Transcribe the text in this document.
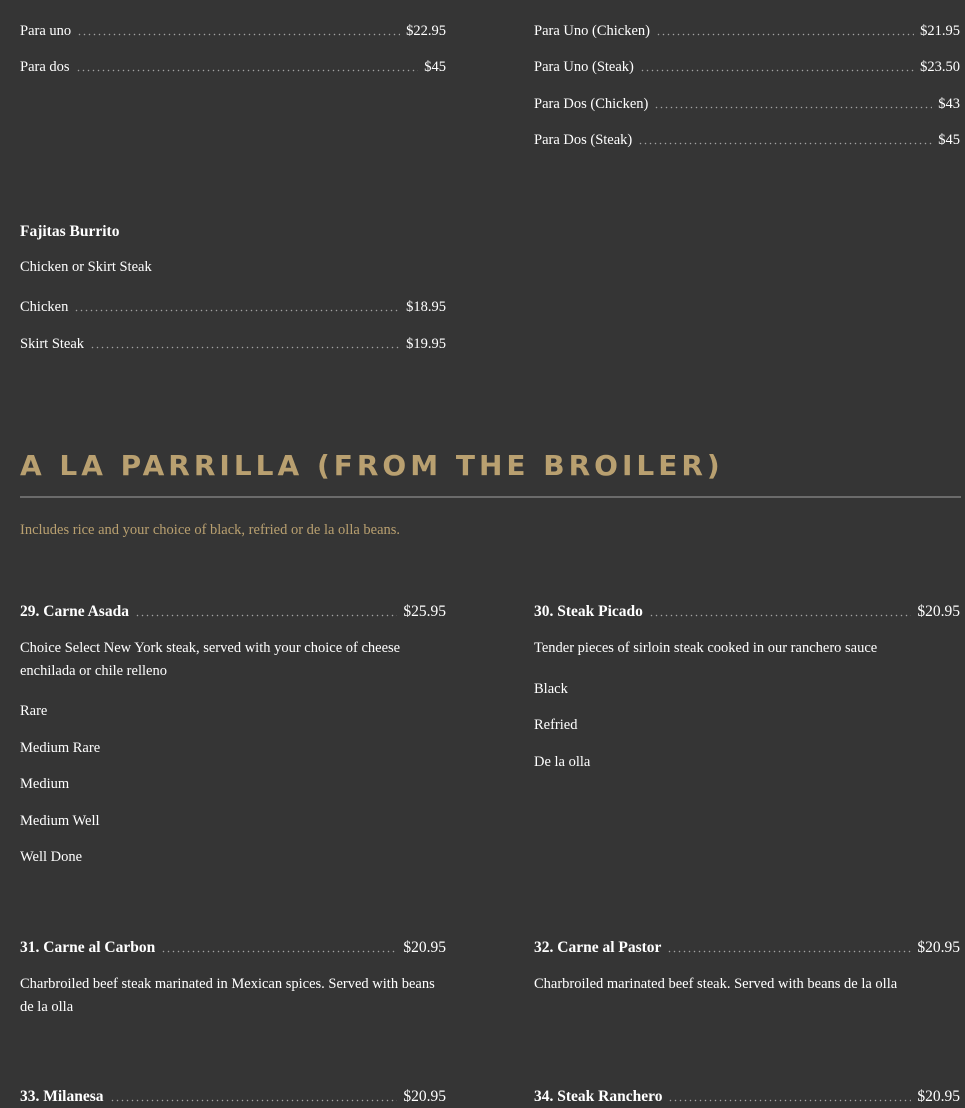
Para uno	$22.95
Para dos	$45
Para Uno (Chicken)	$21.95
Para Uno (Steak)	$23.50
Para Dos (Chicken)	$43
Para Dos (Steak)	$45
Fajitas Burrito
Chicken or Skirt Steak
Chicken	$18.95
Skirt Steak	$19.95
A LA PARRILLA (FROM THE BROILER)
Includes rice and your choice of black, refried or de la olla beans.
29. Carne Asada	$25.95
Choice Select New York steak, served with your choice of cheese enchilada or chile relleno
Rare
Medium Rare
Medium
Medium Well
Well Done
30. Steak Picado	$20.95
Tender pieces of sirloin steak cooked in our ranchero sauce
Black
Refried
De la olla
31. Carne al Carbon	$20.95
Charbroiled beef steak marinated in Mexican spices. Served with beans de la olla
32. Carne al Pastor	$20.95
Charbroiled marinated beef steak. Served with beans de la olla
33. Milanesa	$20.95	34. Steak Ranchero	$20.95
